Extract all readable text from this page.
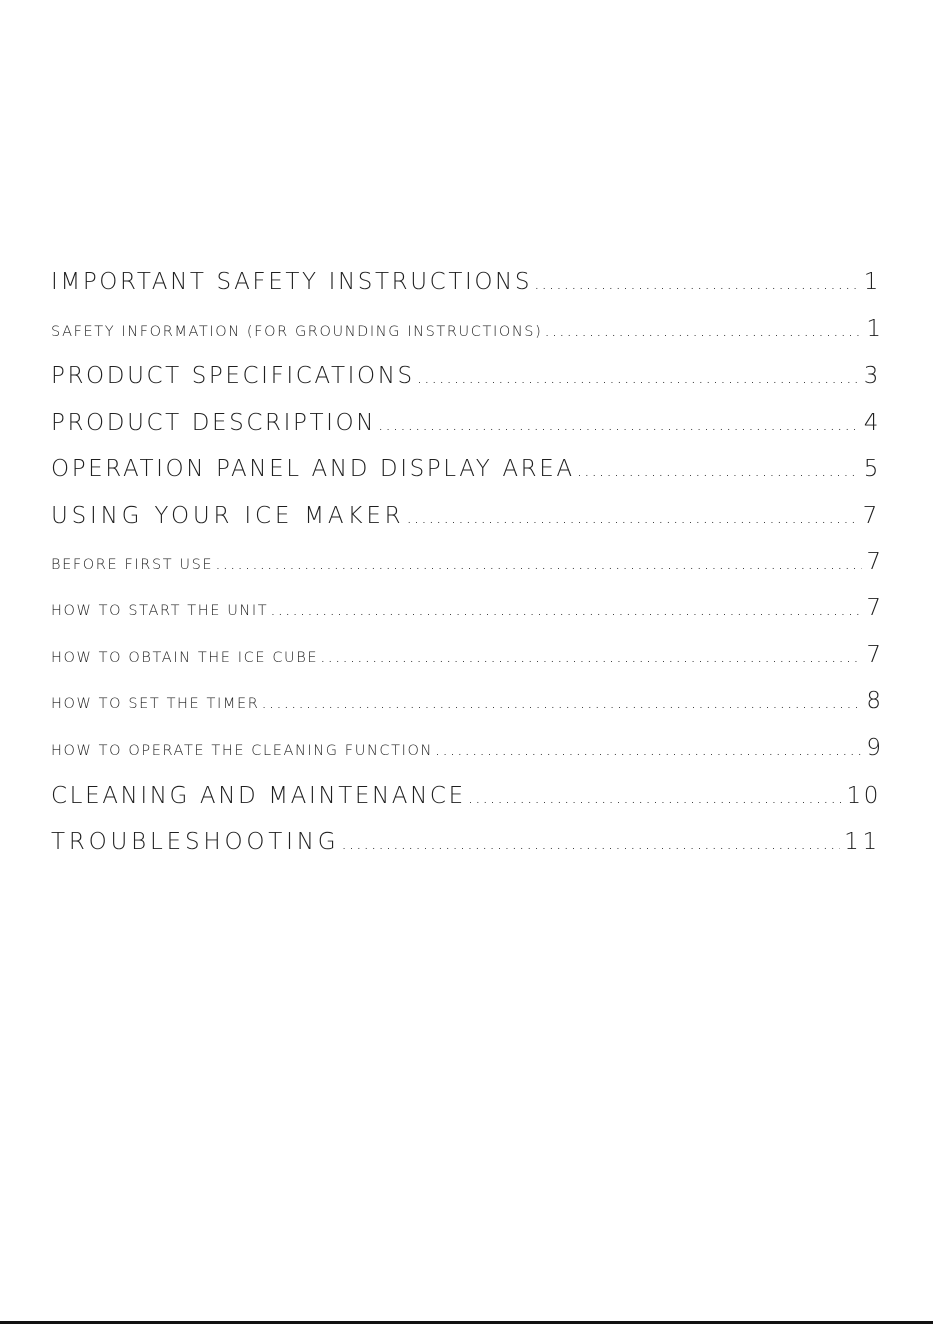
IMPORTANT SAFETY INSTRUCTIONS .....	1
SAFETY INFORMATION (FOR GROUNDING INSTRUCTIONS) .....	1
PRODUCT SPECIFICATIONS .....	3
PRODUCT DESCRIPTION .....	4
OPERATION PANEL AND DISPLAY AREA .....	5
USING YOUR ICE MAKER .....	7
BEFORE FIRST USE .....	7
HOW TO START THE UNIT .....	7
HOW TO OBTAIN THE ICE CUBE .....	7
HOW TO SET THE TIMER .....	8
HOW TO OPERATE THE CLEANING FUNCTION .....	9
CLEANING AND MAINTENANCE .....	10
TROUBLESHOOTING .....	11
